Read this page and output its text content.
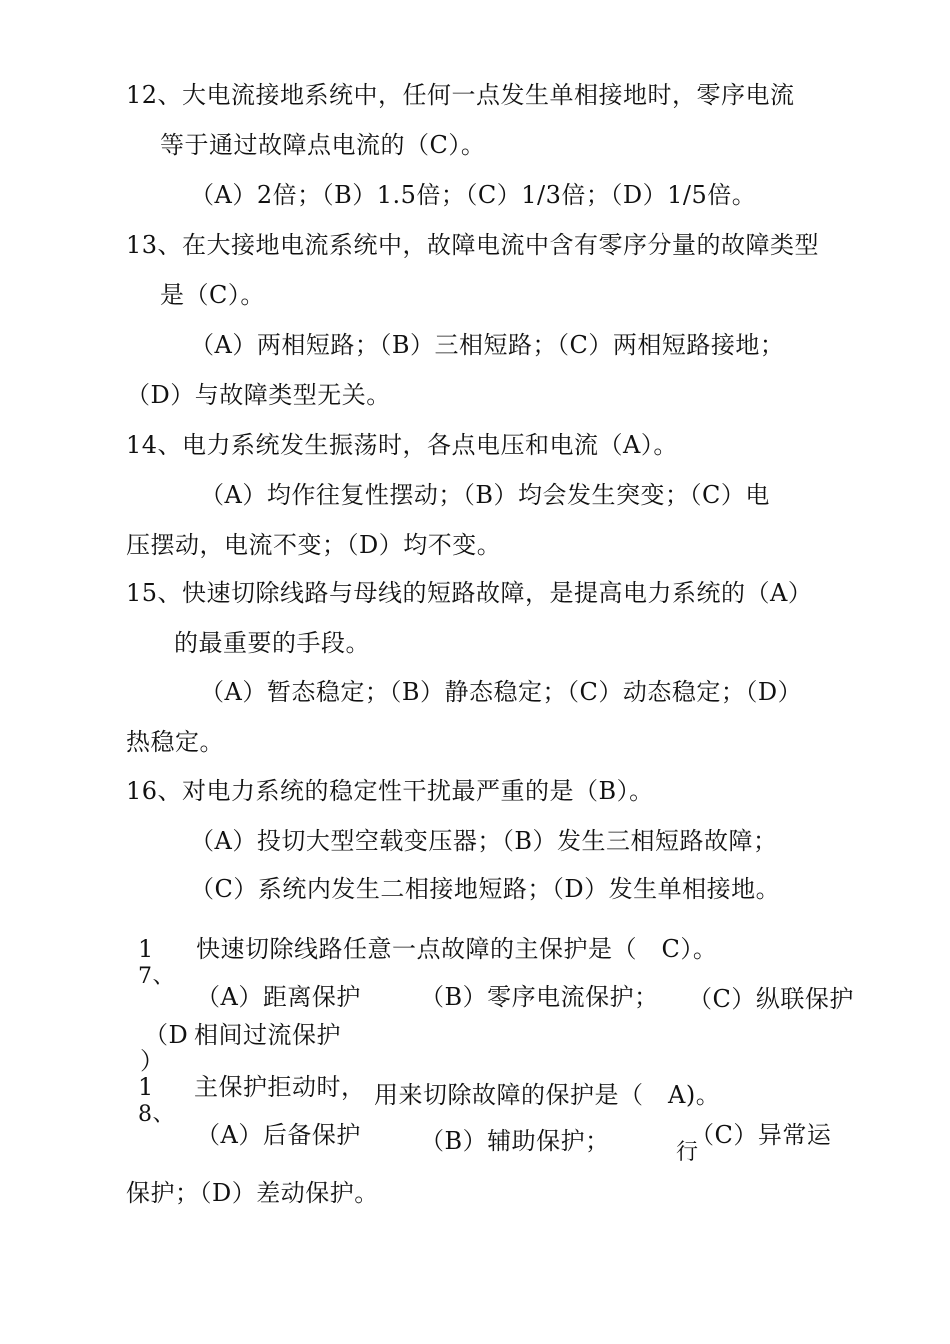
12、大电流接地系统中，任何一点发生单相接地时，零序电流
等于通过故障点电流的（C）。
（A）2倍；（B）1.5倍；（C）1/3倍；（D）1/5倍。
13、在大接地电流系统中，故障电流中含有零序分量的故障类型
是（C）。
（A）两相短路；（B）三相短路；（C）两相短路接地；
（D）与故障类型无关。
14、电力系统发生振荡时，各点电压和电流（A）。
（A）均作往复性摆动；（B）均会发生突变；（C）电
压摆动，电流不变；（D）均不变。
15、快速切除线路与母线的短路故障，是提高电力系统的（A）
的最重要的手段。
（A）暂态稳定；（B）静态稳定；（C）动态稳定；（D）
热稳定。
16、对电力系统的稳定性干扰最严重的是（B）。
（A）投切大型空载变压器；（B）发生三相短路故障；
（C）系统内发生二相接地短路；（D）发生单相接地。
1
7、
快速切除线路任意一点故障的主保护是（　C）。
（A）距离保护 （B）零序电流保护； （C）纵联保护
（D
）
相间过流保护
1
8、
主保护拒动时， 用来切除故障的保护是（　A)。
（A）后备保护 （B）辅助保护；	行
（C）异常运
保护；（D）差动保护。
